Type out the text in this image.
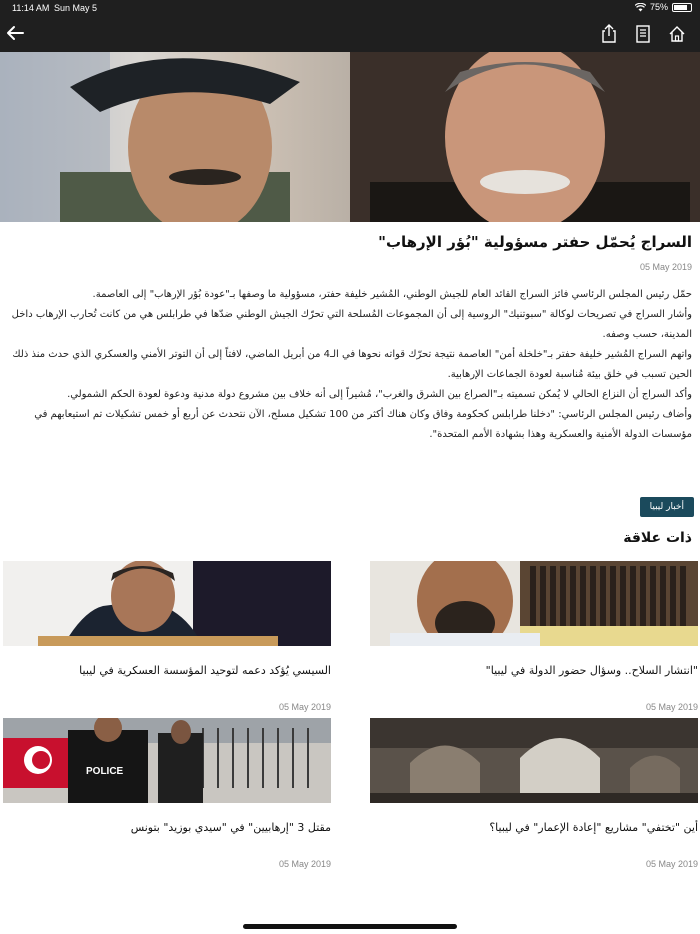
11:14 AM Sun May 5	75%
السراج يُحمّل حفتر مسؤولية "بُؤر الإرهاب"
05 May 2019

حمّل رئيس المجلس الرئاسي فائز السراج القائد العام للجيش الوطني، المُشير خليفة حفتر، مسؤولية ما وصفها بـ"عودة بُؤر الإرهاب" إلى العاصمة.

وأشار السراج في تصريحات لوكالة "سبوتنيك" الروسية إلى أن المجموعات المُسلحة التي تحرّك الجيش الوطني ضدّها في طرابلس هي من كانت تُحارب الإرهاب داخل المدينة، حسب وصفه.

واتهم السراج المُشير خليفة حفتر بـ"خلخلة أمن" العاصمة نتيجة تحرّك قواته نحوها في الـ4 من أبريل الماضي، لافتاً إلى أن التوتر الأمني والعسكري الذي حدث منذ ذلك الحين تسبب في خلق بيئة مُناسبة لعودة الجماعات الإرهابية.

وأكد السراج أن النزاع الحالي لا يُمكن تسميته بـ"الصراع بين الشرق والغرب"، مُشيراً إلى أنه خلاف بين مشروع دولة مدنية ودعوة لعودة الحكم الشمولي.

وأضاف رئيس المجلس الرئاسي: "دخلنا طرابلس كحكومة وفاق وكان هناك أكثر من 100 تشكيل مسلح، الآن نتحدث عن أربع أو خمس تشكيلات تم استيعابهم في مؤسسات الدولة الأمنية والعسكرية وهذا بشهادة الأمم المتحدة".

أخبار ليبيا
ذات علاقة
"انتشار السلاح.. وسؤال حضور الدولة في ليبيا"
05 May 2019
السيسي يُؤكد دعمه لتوحيد المؤسسة العسكرية في ليبيا
05 May 2019
أين "تختفي" مشاريع "إعادة الإعمار" في ليبيا؟
05 May 2019
POLICE
مقتل 3 "إرهابيين" في "سيدي بوزيد" بتونس
05 May 2019
